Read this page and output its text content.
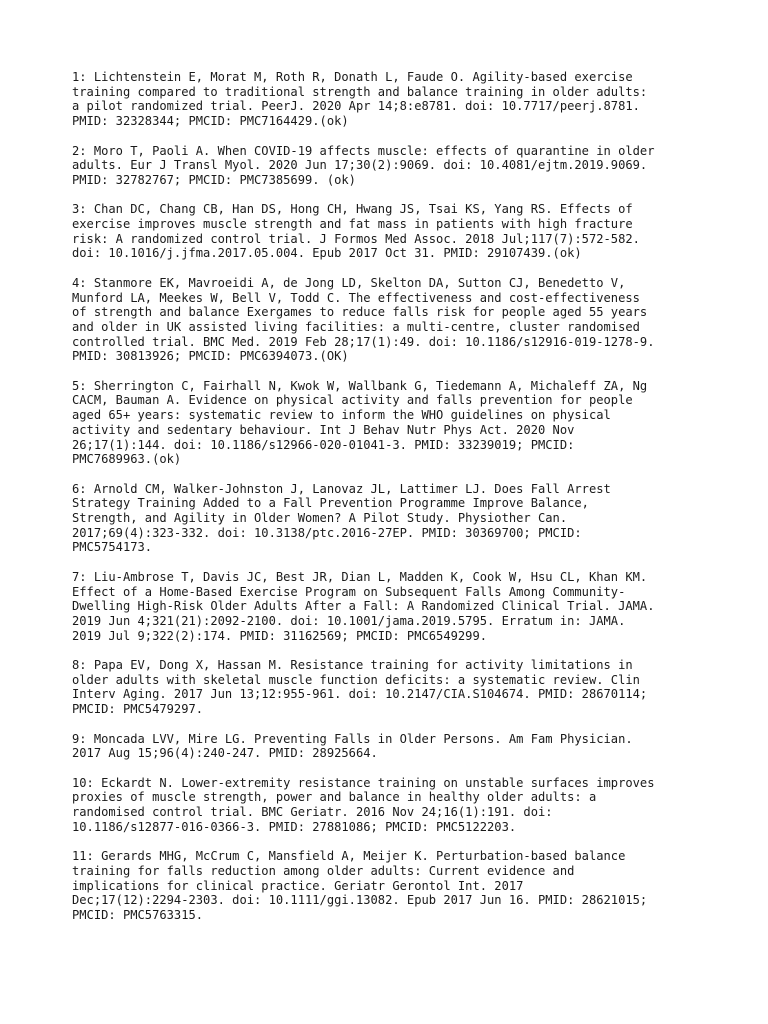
1: Lichtenstein E, Morat M, Roth R, Donath L, Faude O. Agility-based exercise
training compared to traditional strength and balance training in older adults:
a pilot randomized trial. PeerJ. 2020 Apr 14;8:e8781. doi: 10.7717/peerj.8781.
PMID: 32328344; PMCID: PMC7164429.(ok)

2: Moro T, Paoli A. When COVID-19 affects muscle: effects of quarantine in older
adults. Eur J Transl Myol. 2020 Jun 17;30(2):9069. doi: 10.4081/ejtm.2019.9069.
PMID: 32782767; PMCID: PMC7385699. (ok)

3: Chan DC, Chang CB, Han DS, Hong CH, Hwang JS, Tsai KS, Yang RS. Effects of
exercise improves muscle strength and fat mass in patients with high fracture
risk: A randomized control trial. J Formos Med Assoc. 2018 Jul;117(7):572-582.
doi: 10.1016/j.jfma.2017.05.004. Epub 2017 Oct 31. PMID: 29107439.(ok)

4: Stanmore EK, Mavroeidi A, de Jong LD, Skelton DA, Sutton CJ, Benedetto V,
Munford LA, Meekes W, Bell V, Todd C. The effectiveness and cost-effectiveness
of strength and balance Exergames to reduce falls risk for people aged 55 years
and older in UK assisted living facilities: a multi-centre, cluster randomised
controlled trial. BMC Med. 2019 Feb 28;17(1):49. doi: 10.1186/s12916-019-1278-9.
PMID: 30813926; PMCID: PMC6394073.(OK)

5: Sherrington C, Fairhall N, Kwok W, Wallbank G, Tiedemann A, Michaleff ZA, Ng
CACM, Bauman A. Evidence on physical activity and falls prevention for people
aged 65+ years: systematic review to inform the WHO guidelines on physical
activity and sedentary behaviour. Int J Behav Nutr Phys Act. 2020 Nov
26;17(1):144. doi: 10.1186/s12966-020-01041-3. PMID: 33239019; PMCID:
PMC7689963.(ok)

6: Arnold CM, Walker-Johnston J, Lanovaz JL, Lattimer LJ. Does Fall Arrest
Strategy Training Added to a Fall Prevention Programme Improve Balance,
Strength, and Agility in Older Women? A Pilot Study. Physiother Can.
2017;69(4):323-332. doi: 10.3138/ptc.2016-27EP. PMID: 30369700; PMCID:
PMC5754173.

7: Liu-Ambrose T, Davis JC, Best JR, Dian L, Madden K, Cook W, Hsu CL, Khan KM.
Effect of a Home-Based Exercise Program on Subsequent Falls Among Community-
Dwelling High-Risk Older Adults After a Fall: A Randomized Clinical Trial. JAMA.
2019 Jun 4;321(21):2092-2100. doi: 10.1001/jama.2019.5795. Erratum in: JAMA.
2019 Jul 9;322(2):174. PMID: 31162569; PMCID: PMC6549299.

8: Papa EV, Dong X, Hassan M. Resistance training for activity limitations in
older adults with skeletal muscle function deficits: a systematic review. Clin
Interv Aging. 2017 Jun 13;12:955-961. doi: 10.2147/CIA.S104674. PMID: 28670114;
PMCID: PMC5479297.

9: Moncada LVV, Mire LG. Preventing Falls in Older Persons. Am Fam Physician.
2017 Aug 15;96(4):240-247. PMID: 28925664.

10: Eckardt N. Lower-extremity resistance training on unstable surfaces improves
proxies of muscle strength, power and balance in healthy older adults: a
randomised control trial. BMC Geriatr. 2016 Nov 24;16(1):191. doi:
10.1186/s12877-016-0366-3. PMID: 27881086; PMCID: PMC5122203.

11: Gerards MHG, McCrum C, Mansfield A, Meijer K. Perturbation-based balance
training for falls reduction among older adults: Current evidence and
implications for clinical practice. Geriatr Gerontol Int. 2017
Dec;17(12):2294-2303. doi: 10.1111/ggi.13082. Epub 2017 Jun 16. PMID: 28621015;
PMCID: PMC5763315.
